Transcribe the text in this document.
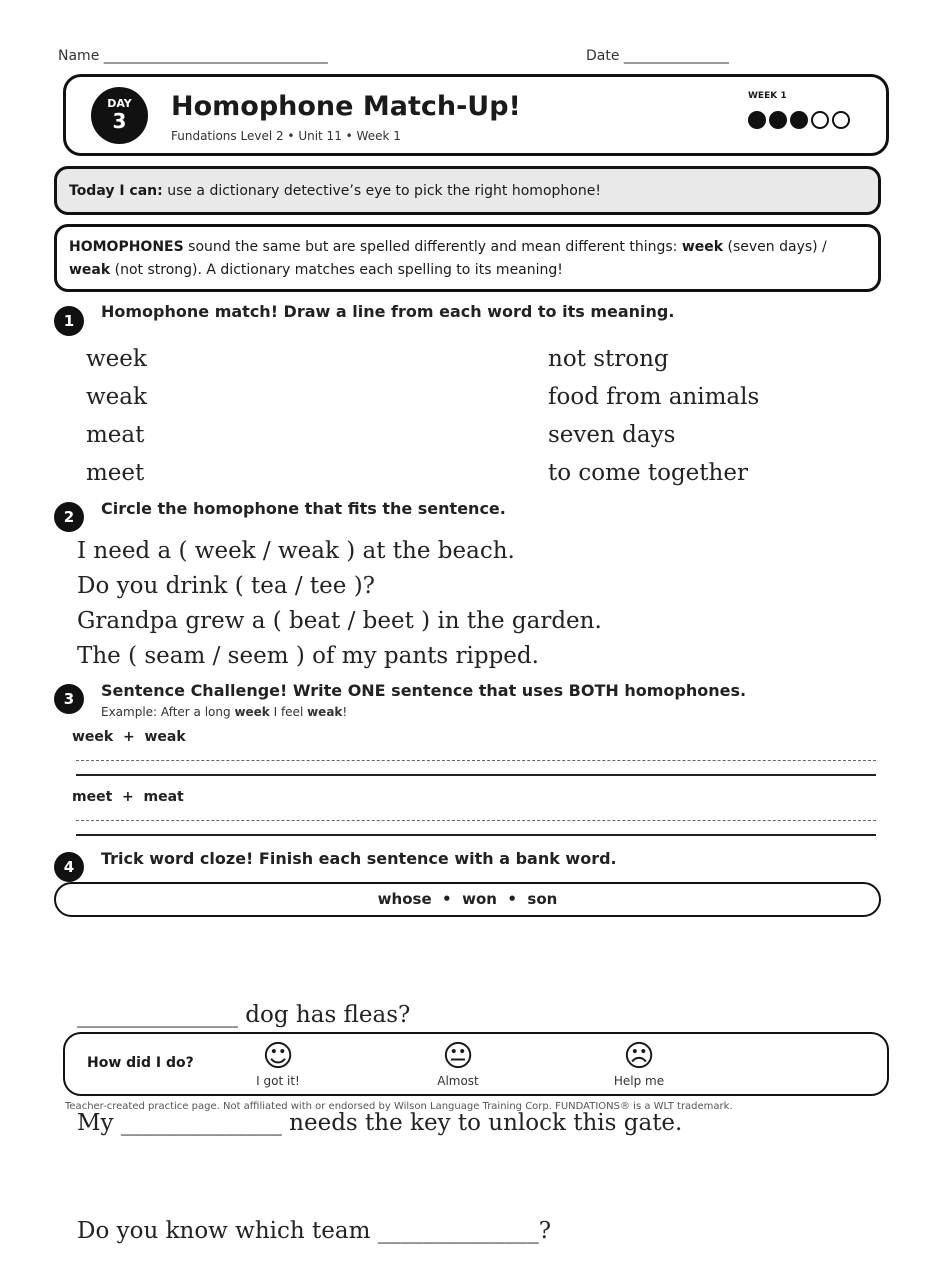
Name ________________________________	Date _______________
DAY
3	Homophone Match-Up!
Fundations Level 2 • Unit 11 • Week 1
WEEK 1
Today I can: use a dictionary detective’s eye to pick the right homophone!
HOMOPHONES sound the same but are spelled differently and mean different things: week (seven days) / weak (not strong). A dictionary matches each spelling to its meaning!
1	Homophone match! Draw a line from each word to its meaning.
week
weak
meat
meet
not strong
food from animals
seven days
to come together
2	Circle the homophone that fits the sentence.
I need a ( week / weak ) at the beach.
Do you drink ( tea / tee )?
Grandpa grew a ( beat / beet ) in the garden.
The ( seam / seem ) of my pants ripped.
3	Sentence Challenge! Write ONE sentence that uses BOTH homophones.
Example: After a long week I feel weak!
week  +  weak
meet  +  meat
4	Trick word cloze! Finish each sentence with a bank word.
whose  •  won  •  son

______________ dog has fleas?

My ______________ needs the key to unlock this gate.

Do you know which team ______________?

How did I do?	☺
I got it!
😐
Almost
☹
Help me
Teacher-created practice page. Not affiliated with or endorsed by Wilson Language Training Corp. FUNDATIONS® is a WLT trademark.
